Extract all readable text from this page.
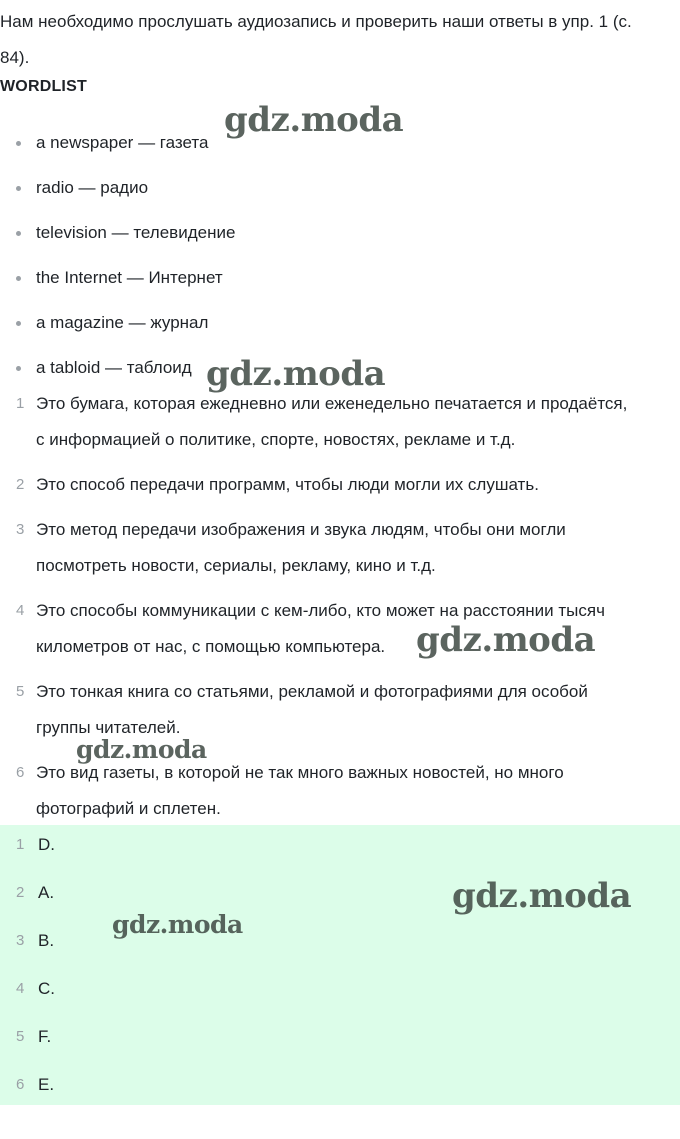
Нам необходимо прослушать аудиозапись и проверить наши ответы в упр. 1 (с.
84).

WORDLIST
a newspaper — газета
radio — радио
television — телевидение
the Internet — Интернет
a magazine — журнал
a tabloid — таблоид
1 Это бумага, которая ежедневно или еженедельно печатается и продаётся,
с информацией о политике, спорте, новостях, рекламе и т.д.
2 Это способ передачи программ, чтобы люди могли их слушать.
3 Это метод передачи изображения и звука людям, чтобы они могли
посмотреть новости, сериалы, рекламу, кино и т.д.
4 Это способы коммуникации с кем-либо, кто может на расстоянии тысяч
километров от нас, с помощью компьютера.
5 Это тонкая книга со статьями, рекламой и фотографиями для особой
группы читателей.
6 Это вид газеты, в которой не так много важных новостей, но много
фотографий и сплетен.
1 D.
2 A.
3 B.
4 C.
5 F.
6 E.
gdz.moda
gdz.moda
gdz.moda
gdz.moda
gdz.moda
gdz.moda
